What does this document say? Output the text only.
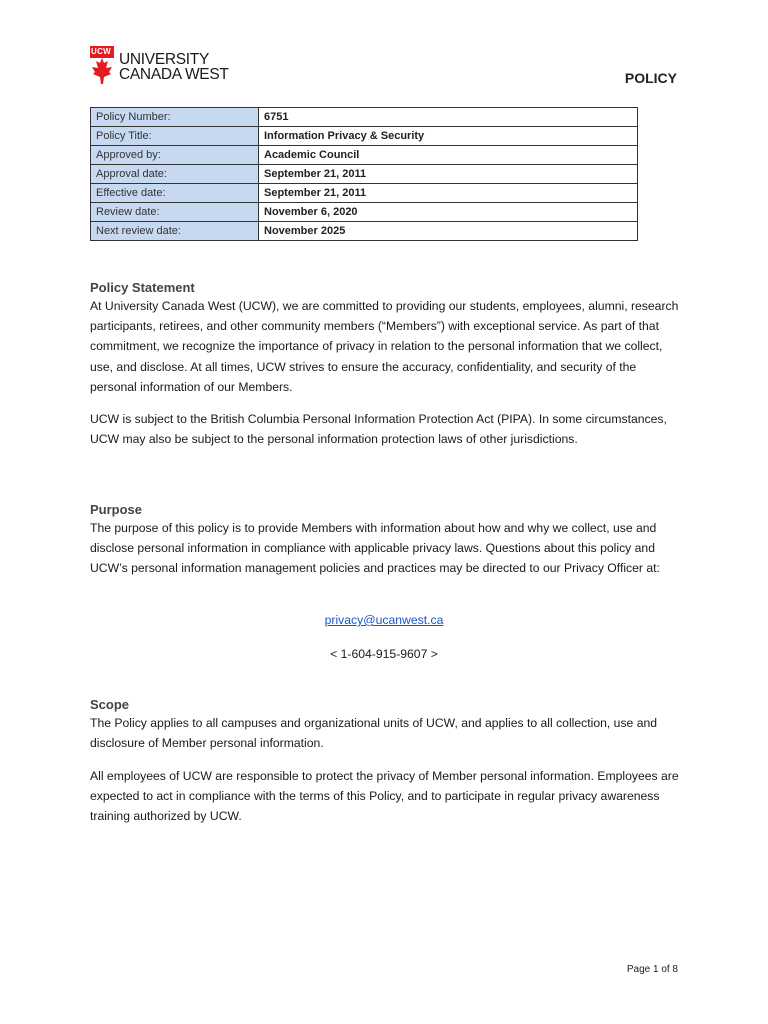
UCW UNIVERSITY
CANADA WEST	POLICY
Policy Number:	6751
Policy Title:	Information Privacy & Security
Approved by:	Academic Council
Approval date:	September 21, 2011
Effective date:	September 21, 2011
Review date:	November 6, 2020
Next review date:	November 2025
Policy Statement

At University Canada West (UCW), we are committed to providing our students, employees, alumni, research participants, retirees, and other community members (“Members”) with exceptional service. As part of that commitment, we recognize the importance of privacy in relation to the personal information that we collect, use, and disclose. At all times, UCW strives to ensure the accuracy, confidentiality, and security of the personal information of our Members.

UCW is subject to the British Columbia Personal Information Protection Act (PIPA). In some circumstances, UCW may also be subject to the personal information protection laws of other jurisdictions.

Purpose

The purpose of this policy is to provide Members with information about how and why we collect, use and disclose personal information in compliance with applicable privacy laws. Questions about this policy and UCW’s personal information management policies and practices may be directed to our Privacy Officer at:

privacy@ucanwest.ca
< 1-604-915-9607 >
Scope

The Policy applies to all campuses and organizational units of UCW, and applies to all collection, use and disclosure of Member personal information.

All employees of UCW are responsible to protect the privacy of Member personal information. Employees are expected to act in compliance with the terms of this Policy, and to participate in regular privacy awareness training authorized by UCW.

Page 1 of 8
